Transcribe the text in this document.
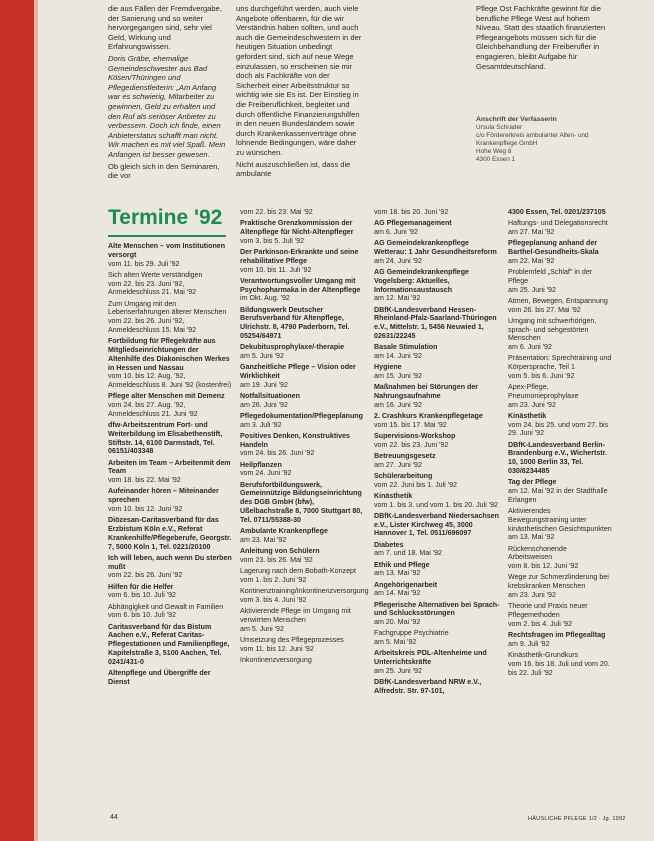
die aus Fällen der Fremdvergabe, der Sanierung und so weiter hervorgegangen sind, sehr viel Geld, Wirkung und Erfahrungswissen.

Doris Gräbe, ehemalige Gemeindeschwester aus Bad Kösen/Thüringen und Pflegedienstleiterin: „Am Anfang war es schwierig, Mitarbeiter zu gewinnen, Geld zu erhalten und den Ruf als seriöser Anbieter zu verbessern. Doch ich finde, einen Anbieterstatus schafft man nicht. Wir machen es mit viel Spaß. Mein Anfangen ist besser gewesen.

Ob gleich sich in den Seminaren, die vor

uns durchgeführt werden, auch viele Angebote offenbaren, für die wir Verständnis haben sollten, und auch auch die Gemeindeschwestern in der heutigen Situation unbedingt gefordert sind, sich auf neue Wege einzulassen, so erscheinen sie mir doch als Fachkräfte von der Sicherheit einer Arbeitsstruktur so wichtig wie sie Es ist. Der Einstieg in die Freiberuflichkeit, begleitet und durch öffentliche Finanzierungshilfen in den neuen Bundesländern sowie durch Krankenkassenverträge ohne lohnende Bedingungen, wäre daher zu wünschen.

Nicht auszuschließen ist, dass die ambulante

Pflege Ost Fachkräfte gewinnt für die berufliche Pflege West auf hohem Niveau. Statt des staatlich finanzierten Pflegeangebots müssen sich für die Gleichbehandlung der Freiberufler in engagieren, bleibt Aufgabe für Gesamtdeutschland.

Anschrift der Verfasserin
Ursula Schrader
c/o Fördererkreis ambulanter Alten- und Krankenpflege GmbH
Hohe Weg 8
4300 Essen 1
Termine '92
Alte Menschen – vom Institutionen versorgt
vom 11. bis 29. Juli '92
Sich alten Werte verständigen
vom 22. bis 23. Juni '92, Anmeldeschluss 21. Mai '92
Zum Umgang mit den Lebenserfahrungen älterer Menschen
vom 22. bis 26. Juni '92, Anmeldeschluss 15. Mai '92
Fortbildung für Pflegekräfte aus Mitgliedseinrichtungen der Altenhilfe des Diakonischen Werkes in Hessen und Nassau
vom 10. bis 12. Aug. '92, Anmeldeschluss 8. Juni '92 (kostenfrei)
Pflege alter Menschen mit Demenz
vom 24. bis 27. Aug. '92, Anmeldeschluss 21. Juni '92
dfw-Arbeitszentrum Fort- und Weiterbildung im Elisabethenstift, Stiftstr. 14, 6100 Darmstadt, Tel. 06151/403348
Arbeiten im Team – Arbeitenmit dem Team
vom 18. bis 22. Mai '92
Aufeinander hören – Miteinander sprechen
vom 10. bis 12. Juni '92
Diözesan-Caritasverband für das Erzbistum Köln e.V., Referat Krankenhilfe/Pflegeberufe, Georgstr. 7, 5000 Köln 1, Tel. 0221/20100
Ich will leben, auch wenn Du sterben mußt
vom 22. bis 26. Juni '92
Hilfen für die Helfer
vom 6. bis 10. Juli '92
Abhängigkeit und Gewalt in Familien
vom 6. bis 10. Juli '92
Caritasverband für das Bistum Aachen e.V., Referat Caritas-Pflegestationen und Familienpflege, Kapitelstraße 3, 5100 Aachen, Tel. 0241/431-0
Altenpflege und Übergriffe der Dienst
vom 22. bis 23. Mai '92
Praktische Grenzkommission der Altenpflege für Nicht-Altenpfleger
vom 3. bis 5. Juli '92
Der Parkinson-Erkrankte und seine rehabilitative Pflege
vom 10. bis 11. Juli '92
Verantwortungsvoller Umgang mit Psychopharmaka in der Altenpflege
im Okt. Aug. '92
Bildungswerk Deutscher Berufsverband für Altenpflege, Ulrichstr. 8, 4790 Paderborn, Tel. 05254/64971
Dekubitusprophylaxe/-therapie
am 5. Juni '92
Ganzheitliche Pflege – Vision oder Wirklichkeit
am 19. Juni '92
Notfallsituationen
am 26. Juni '92
Pflegedokumentation/Pflegeplanung
am 3. Juli '92
Positives Denken, Konstruktives Handeln
vom 24. bis 26. Juni '92
Heilpflanzen
vom 24. Juni '92
Berufsfortbildungswerk, Gemeinnützige Bildungseinrichtung des DGB GmbH (bfw), Ußelbachstraße 8, 7000 Stuttgart 80, Tel. 0711/55388-30
Ambulante Krankenpflege
am 23. Mai '92
Anleitung von Schülern
vom 23. bis 26. Mai '92
Lagerung nach dem Bobath-Konzept
vom 1. bis 2. Juni '92
Kontinenztraining/Inkontinenzversorgung
vom 3. bis 4. Juni '92
Aktivierende Pflege im Umgang mit verwirrten Menschen
am 5. Juni '92
Umsetzung des Pflegeprozesses
vom 11. bis 12. Juni '92
Inkontinenzversorgung
vom 18. bis 20. Juni '92
AG Pflegemanagement
am 6. Juni '92
AG Gemeindekrankenpflege Wetterau: 1 Jahr Gesundheitsreform
am 24. Juni '92
AG Gemeindekrankenpflege Vogelsberg: Aktuelles, Informationsaustausch
am 12. Mai '92
DBfK-Landesverband Hessen-Rheinland-Pfalz-Saarland-Thüringen e.V., Mittelstr. 1, 5456 Neuwied 1, 02631/22245
Basale Stimulation
am 14. Juni '92
Hygiene
am 15. Juni '92
Maßnahmen bei Störungen der Nahrungsaufnahme
am 16. Juni '92
2. Crashkurs Krankenpflegetage
vom 15. bis 17. Mai '92
Supervisions-Workshop
vom 22. bis 23. Juni '92
Betreuungsgesetz
am 27. Juni '92
Schülerarbeitung
vom 22. Juni bis 1. Juli '92
Kinästhetik
vom 1. bis 3. und vom 1. bis 20. Juli '92
DBfK-Landesverband Niedersachsen e.V., Lister Kirchweg 45, 3000 Hannover 1, Tel. 0511/696097
Diabetes
am 7. und 18. Mai '92
Ethik und Pflege
am 13. Mai '92
Angehörigenarbeit
am 14. Mai '92
Pflegerische Alternativen bei Sprach- und Schlucksstörungen
am 20. Mai '92
Fachgruppe Psychiatrie
am 5. Mai '92
Arbeitskreis PDL-Altenheime und Unterrichtskräfte
am 25. Juni '92
DBfK-Landesverband NRW e.V., Alfredstr. Str. 97-101,
4300 Essen, Tel. 0201/237105
Haftungs- und Delegationsrecht
am 27. Mai '92
Pflegeplanung anhand der Barthel-Gesundheits-Skala
am 22. Mai '92
Problemfeld „Schlaf" in der Pflege
am 25. Juni '92
Atmen, Bewegen, Entspannung
vom 26. bis 27. Mai '92
Umgang mit schwerhörigen, sprach- und sehgestörten Menschen
am 6. Juni '92
Präsentation: Sprechtraining und Körpersprache, Teil 1
vom 5. bis 6. Juni '92
Apex-Pflege, Pneumonieprophylaxe
am 23. Juni '92
Kinästhetik
vom 24. bis 25. und vom 27. bis 29. Juni '92
DBfK-Landesverband Berlin-Brandenburg e.V., Wichertstr. 10, 1000 Berlin 33, Tel. 030/8234485
Tag der Pflege
am 12. Mai '92 in der Stadthalle Erlangen
Aktivierendes Bewegungstraining unter kinästhetischen Gesichtspunkten
am 13. Mai '92
Rückenschonende Arbeitsweisen
vom 8. bis 12. Juni '92
Wege zur Schmerzlinderung bei krebskranken Menschen
am 23. Juni '92
Theorie und Praxis neuer Pflegemethoden
vom 2. bis 4. Juli '92
Rechtsfragen im Pflegealltag
am 9. Juli '92
Kinästhetik-Grundkurs
vom 16. bis 18. Juli und vom 20. bis 22. Juli '92
44	HÄUSLICHE PFLEGE 1/2 · Jg. 1992
